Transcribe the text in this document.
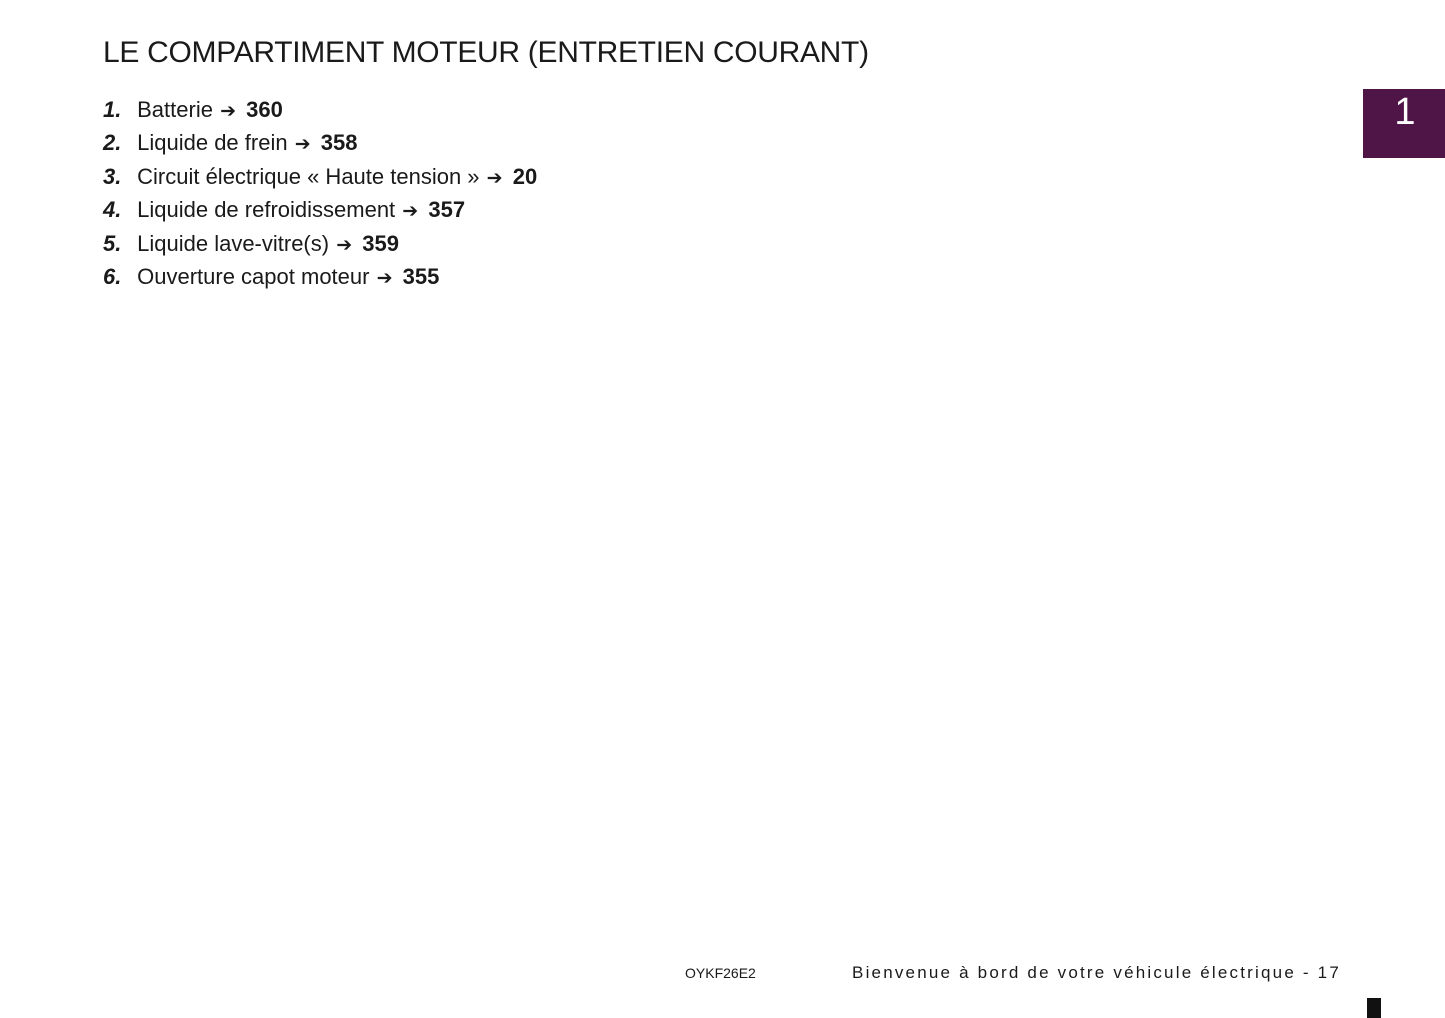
LE COMPARTIMENT MOTEUR (ENTRETIEN COURANT)
1. Batterie ➔ 360
2. Liquide de frein ➔ 358
3. Circuit électrique « Haute tension » ➔ 20
4. Liquide de refroidissement ➔ 357
5. Liquide lave-vitre(s) ➔ 359
6. Ouverture capot moteur ➔ 355
1
OYKF26E2	Bienvenue à bord de votre véhicule électrique - 17
